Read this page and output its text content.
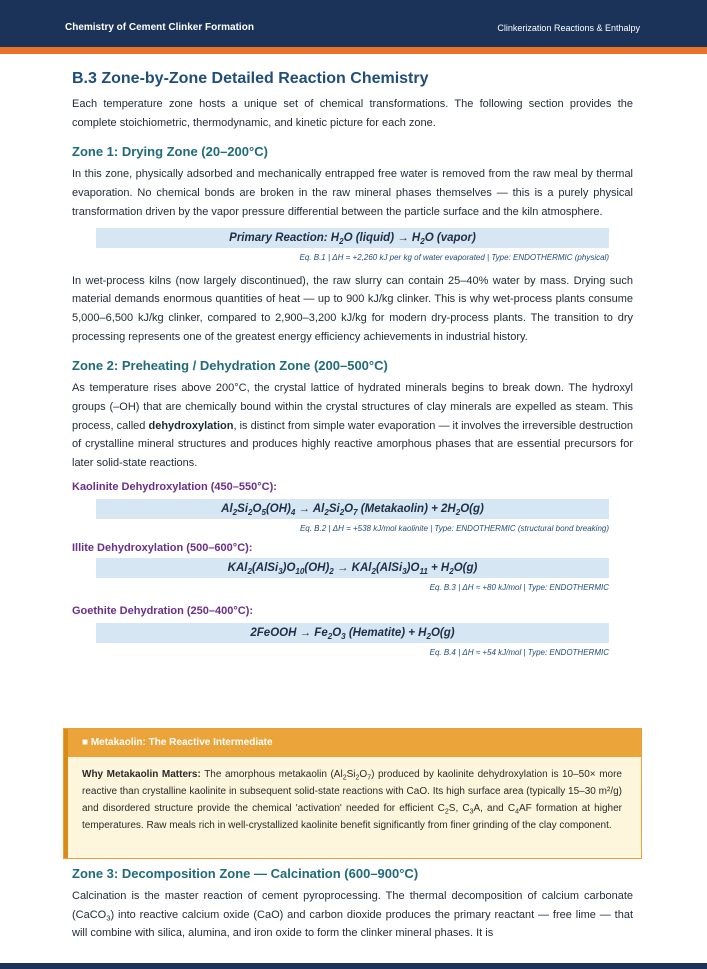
Chemistry of Cement Clinker Formation	Clinkerization Reactions & Enthalpy
B.3 Zone-by-Zone Detailed Reaction Chemistry

Each temperature zone hosts a unique set of chemical transformations. The following section provides the complete stoichiometric, thermodynamic, and kinetic picture for each zone.

Zone 1: Drying Zone (20–200°C)

In this zone, physically adsorbed and mechanically entrapped free water is removed from the raw meal by thermal evaporation. No chemical bonds are broken in the raw mineral phases themselves — this is a purely physical transformation driven by the vapor pressure differential between the particle surface and the kiln atmosphere.

Primary Reaction: $H_2O$ (liquid) → $H_2O$ (vapor)
Eq. B.1 | ΔH = +2,260 kJ per kg of water evaporated | Type: ENDOTHERMIC (physical)

In wet-process kilns (now largely discontinued), the raw slurry can contain 25–40% water by mass. Drying such material demands enormous quantities of heat — up to 900 kJ/kg clinker. This is why wet-process plants consume 5,000–6,500 kJ/kg clinker, compared to 2,900–3,200 kJ/kg for modern dry-process plants. The transition to dry processing represents one of the greatest energy efficiency achievements in industrial history.

Zone 2: Preheating / Dehydration Zone (200–500°C)

As temperature rises above 200°C, the crystal lattice of hydrated minerals begins to break down. The hydroxyl groups (–OH) that are chemically bound within the crystal structures of clay minerals are expelled as steam. This process, called dehydroxylation, is distinct from simple water evaporation — it involves the irreversible destruction of crystalline mineral structures and produces highly reactive amorphous phases that are essential precursors for later solid-state reactions.

Kaolinite Dehydroxylation (450–550°C):
$Al_2Si_2O_5(OH)_4 \to Al_2Si_2O_7$ (Metakaolin) + $2H_2O(g)$
Eq. B.2 | ΔH = +538 kJ/mol kaolinite | Type: ENDOTHERMIC (structural bond breaking)
Illite Dehydroxylation (500–600°C):
$KAl_2(AlSi_3)O_{10}(OH)_2$ → $KAl_2(AlSi_3)O_{11} + H_2O(g)$
Eq. B.3 | ΔH ≈ +80 kJ/mol | Type: ENDOTHERMIC
Goethite Dehydration (250–400°C):
2FeOOH → $Fe_2O_3$ (Hematite) + $H_2O(g)$
Eq. B.4 | ΔH ≈ +54 kJ/mol | Type: ENDOTHERMIC
■ Metakaolin: The Reactive Intermediate
Why Metakaolin Matters: The amorphous metakaolin $(Al_2Si_2O_7)$ produced by kaolinite dehydroxylation is 10–50× more reactive than crystalline kaolinite in subsequent solid-state reactions with CaO. Its high surface area (typically 15–30 m²/g) and disordered structure provide the chemical 'activation' needed for efficient $C_2S$, $C_3A$, and $C_4AF$ formation at higher temperatures. Raw meals rich in well-crystallized kaolinite benefit significantly from finer grinding of the clay component.
Zone 3: Decomposition Zone — Calcination (600–900°C)

Calcination is the master reaction of cement pyroprocessing. The thermal decomposition of calcium carbonate (CaCO$_3$) into reactive calcium oxide (CaO) and carbon dioxide produces the primary reactant — free lime — that will combine with silica, alumina, and iron oxide to form the clinker mineral phases. It is
